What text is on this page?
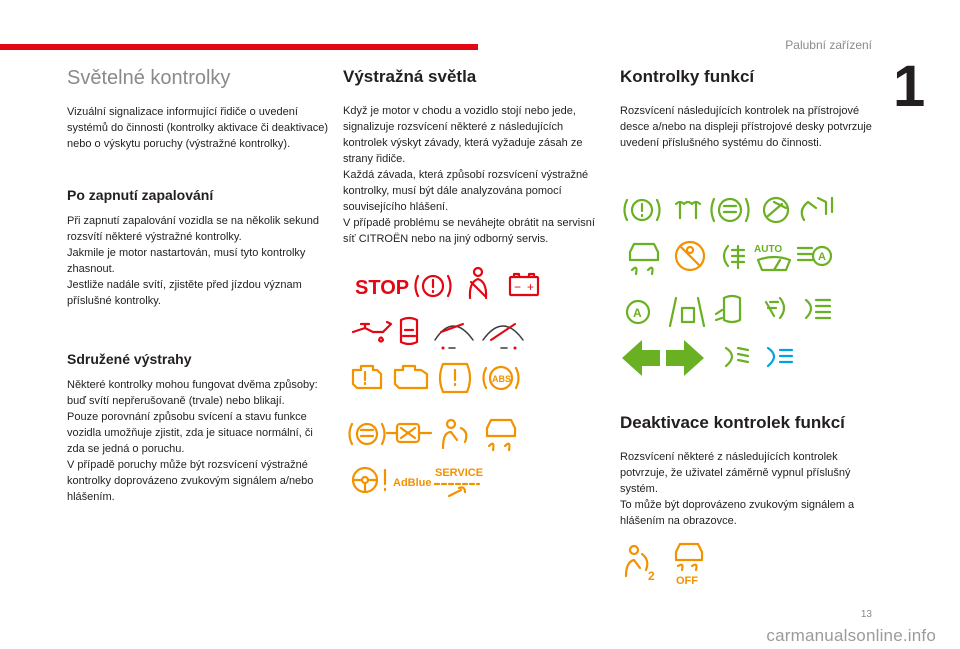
Palubní zařízení
1
Světelné kontrolky

Vizuální signalizace informující řidiče o uvedení systémů do činnosti (kontrolky aktivace či deaktivace) nebo o výskytu poruchy (výstražné kontrolky).

Po zapnutí zapalování

Při zapnutí zapalování vozidla se na několik sekund rozsvítí některé výstražné kontrolky.
Jakmile je motor nastartován, musí tyto kontrolky zhasnout.
Jestliže nadále svítí, zjistěte před jízdou význam příslušné kontrolky.

Sdružené výstrahy

Některé kontrolky mohou fungovat dvěma způsoby: buď svítí nepřerušovaně (trvale) nebo blikají.
Pouze porovnání způsobu svícení a stavu funkce vozidla umožňuje zjistit, zda je situace normální, či zda se jedná o poruchu.
V případě poruchy může být rozsvícení výstražné kontrolky doprovázeno zvukovým signálem a/nebo hlášením.

Výstražná světla

Když je motor v chodu a vozidlo stojí nebo jede, signalizuje rozsvícení některé z následujících kontrolek výskyt závady, která vyžaduje zásah ze strany řidiče.
Každá závada, která způsobí rozsvícení výstražné kontrolky, musí být dále analyzována pomocí souvisejícího hlášení.
V případě problému se neváhejte obrátit na servisní síť CITROËN nebo na jiný odborný servis.

STOP	− +
ABS
AdBlue
SERVICE
Kontrolky funkcí

Rozsvícení následujících kontrolek na přístrojové desce a/nebo na displeji přístrojové desky potvrzuje uvedení příslušného systému do činnosti.

AUTO
A
A
Deaktivace kontrolek funkcí

Rozsvícení některé z následujících kontrolek potvrzuje, že uživatel záměrně vypnul příslušný systém.
To může být doprovázeno zvukovým signálem a hlášením na obrazovce.

2 OFF
13
carmanualsonline.info
